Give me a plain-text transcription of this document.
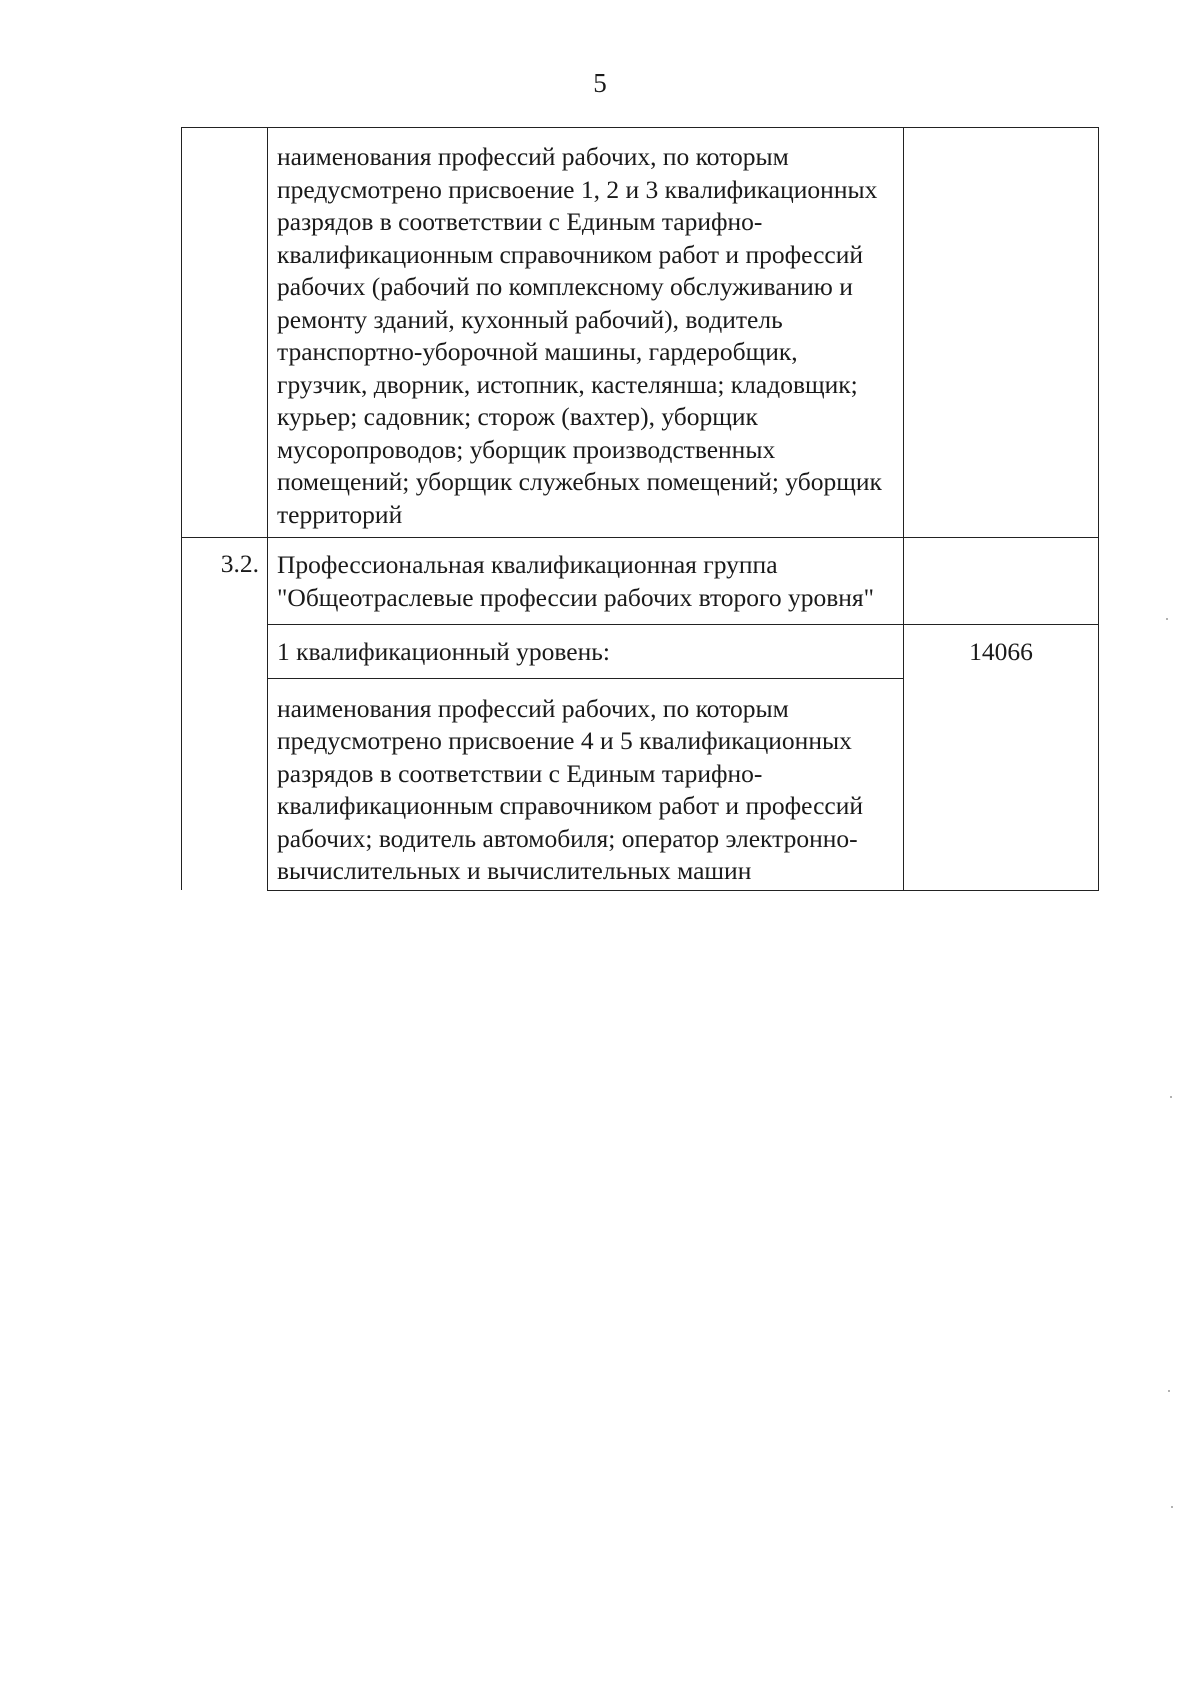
5
	наименования профессий рабочих, по которым предусмотрено присвоение 1, 2 и 3 квалификационных разрядов в соответствии с Единым тарифно-квалификационным справочником работ и профессий рабочих (рабочий по комплексному обслуживанию и ремонту зданий, кухонный рабочий), водитель транспортно-уборочной машины, гардеробщик, грузчик, дворник, истопник, кастелянша; кладовщик; курьер; садовник; сторож (вахтер), уборщик мусоропроводов; уборщик производственных помещений; уборщик служебных помещений; уборщик территорий	
3.2.	Профессиональная квалификационная группа "Общеотраслевые профессии рабочих второго уровня"	
	1 квалификационный уровень:	14066
	наименования профессий рабочих, по которым предусмотрено присвоение 4 и 5 квалификационных разрядов в соответствии с Единым тарифно-квалификационным справочником работ и профессий рабочих; водитель автомобиля; оператор электронно-вычислительных и вычислительных машин	
